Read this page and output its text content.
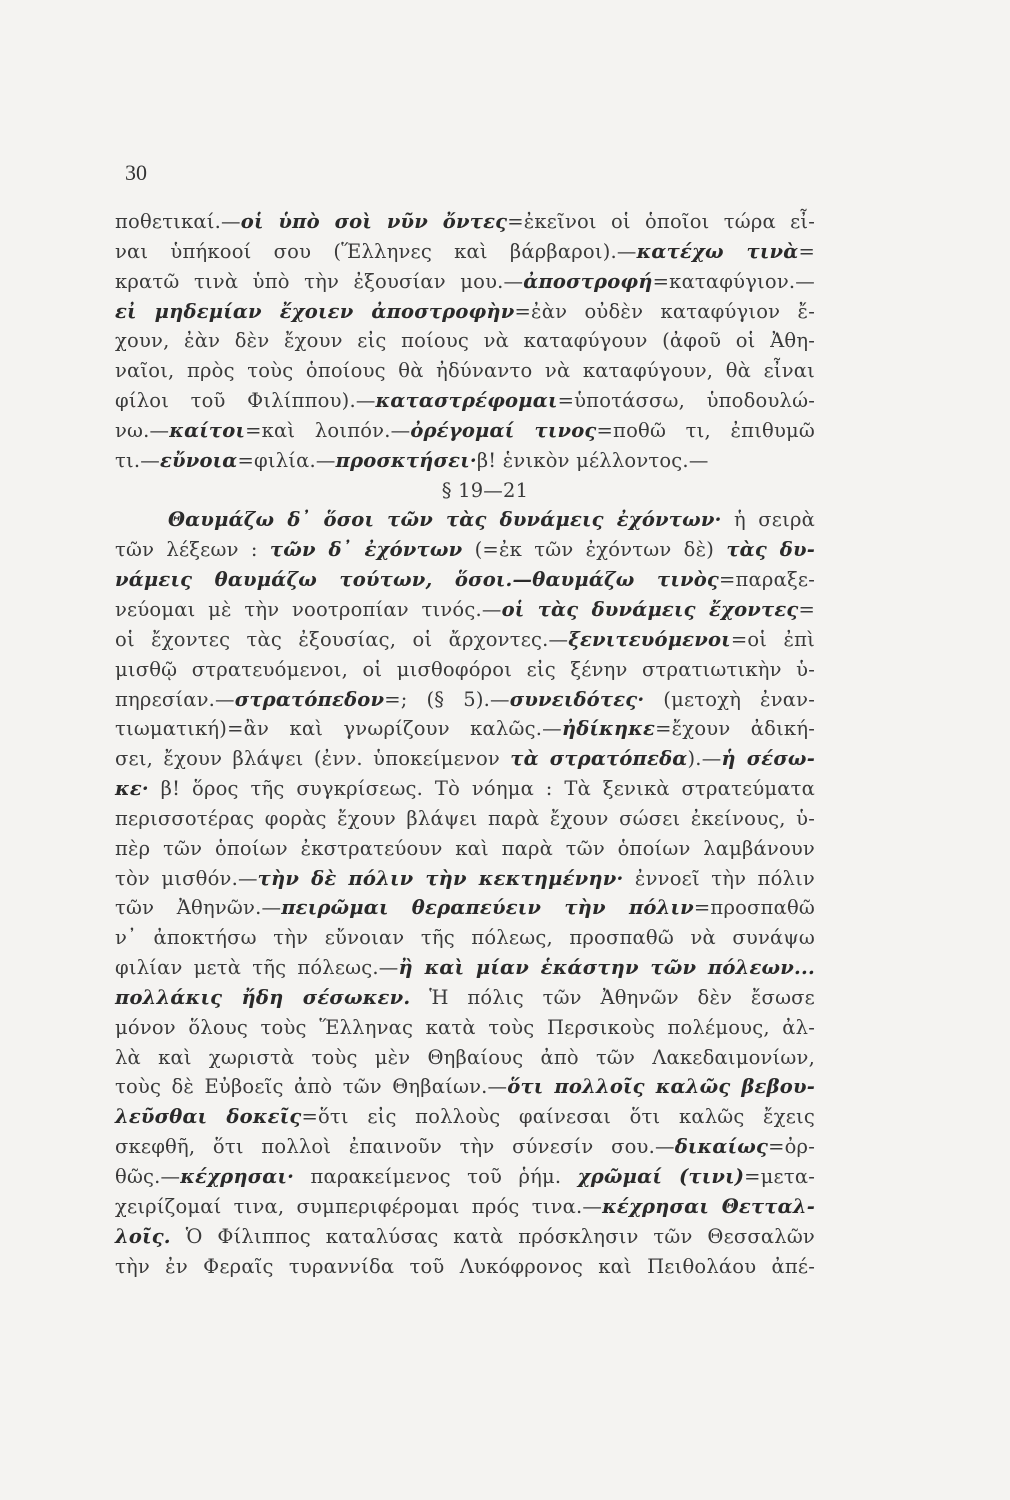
30
ποθετικαί.—οἱ ὑπὸ σοὶ νῦν ὄντες=ἐκεῖνοι οἱ ὁποῖοι τώρα εἶ-
ναι ὑπήκοοί σου (Ἕλληνες καὶ βάρβαροι).—κατέχω τινὰ=
κρατῶ τινὰ ὑπὸ τὴν ἐξουσίαν μου.—ἀποστροφή=καταφύγιον.—
εἰ μηδεμίαν ἔχοιεν ἀποστροφὴν=ἐὰν οὐδὲν καταφύγιον ἔ-
χουν, ἐὰν δὲν ἔχουν εἰς ποίους νὰ καταφύγουν (ἀφοῦ οἱ Ἀθη-
ναῖοι, πρὸς τοὺς ὁποίους θὰ ἠδύναντο νὰ καταφύγουν, θὰ εἶναι
φίλοι τοῦ Φιλίππου).—καταστρέφομαι=ὑποτάσσω, ὑποδουλώ-
νω.—καίτοι=καὶ λοιπόν.—ὀρέγομαί τινος=ποθῶ τι, ἐπιθυμῶ
τι.— εὔνοια =φιλία.— προσκτήσει· β! ἑνικὸν μέλλοντος.—
§ 19—21
Θαυμάζω δ᾽ ὅσοι τῶν τὰς δυνάμεις ἐχόντων· ἡ σειρὰ
τῶν λέξεων : τῶν δ᾽ ἐχόντων (=ἐκ τῶν ἐχόντων δὲ) τὰς δυ-
νάμεις θαυμάζω τούτων, ὅσοι.—θαυμάζω τινὸς=παραξε-
νεύομαι μὲ τὴν νοοτροπίαν τινός.—οἱ τὰς δυνάμεις ἔχοντες=
οἱ ἔχοντες τὰς ἐξουσίας, οἱ ἄρχοντες.—ξενιτευόμενοι=οἱ ἐπὶ
μισθῷ στρατευόμενοι, οἱ μισθοφόροι εἰς ξένην στρατιωτικὴν ὑ-
πηρεσίαν.—στρατόπεδον=; (§ 5).—συνειδότες· (μετοχὴ ἐναν-
τιωματική)=ἂν καὶ γνωρίζουν καλῶς.—ἠδίκηκε=ἔχουν ἀδική-
σει, ἔχουν βλάψει (ἐνν. ὑποκείμενον τὰ στρατόπεδα).—ἡ σέσω-
κε· β! ὅρος τῆς συγκρίσεως. Τὸ νόημα : Τὰ ξενικὰ στρατεύματα
περισσοτέρας φορὰς ἔχουν βλάψει παρὰ ἔχουν σώσει ἐκείνους, ὑ-
πὲρ τῶν ὁποίων ἐκστρατεύουν καὶ παρὰ τῶν ὁποίων λαμβάνουν
τὸν μισθόν.—τὴν δὲ πόλιν τὴν κεκτημένην· ἐννοεῖ τὴν πόλιν
τῶν Ἀθηνῶν.—πειρῶμαι θεραπεύειν τὴν πόλιν=προσπαθῶ
ν᾽ ἀποκτήσω τὴν εὔνοιαν τῆς πόλεως, προσπαθῶ νὰ συνάψω
φιλίαν μετὰ τῆς πόλεως.—ἢ καὶ μίαν ἑκάστην τῶν πόλεων...
πολλάκις ἤδη σέσωκεν. Ἡ πόλις τῶν Ἀθηνῶν δὲν ἔσωσε
μόνον ὅλους τοὺς Ἕλληνας κατὰ τοὺς Περσικοὺς πολέμους, ἀλ-
λὰ καὶ χωριστὰ τοὺς μὲν Θηβαίους ἀπὸ τῶν Λακεδαιμονίων,
τοὺς δὲ Εὐβοεῖς ἀπὸ τῶν Θηβαίων.—ὅτι πολλοῖς καλῶς βεβου-
λεῦσθαι δοκεῖς=ὅτι εἰς πολλοὺς φαίνεσαι ὅτι καλῶς ἔχεις
σκεφθῆ, ὅτι πολλοὶ ἐπαινοῦν τὴν σύνεσίν σου.—δικαίως=ὀρ-
θῶς.—κέχρησαι· παρακείμενος τοῦ ῥήμ. χρῶμαί (τινι)=μετα-
χειρίζομαί τινα, συμπεριφέρομαι πρός τινα.—κέχρησαι Θετταλ-
λοῖς. Ὁ Φίλιππος καταλύσας κατὰ πρόσκλησιν τῶν Θεσσαλῶν
τὴν ἐν Φεραῖς τυραννίδα τοῦ Λυκόφρονος καὶ Πειθολάου ἀπέ-
